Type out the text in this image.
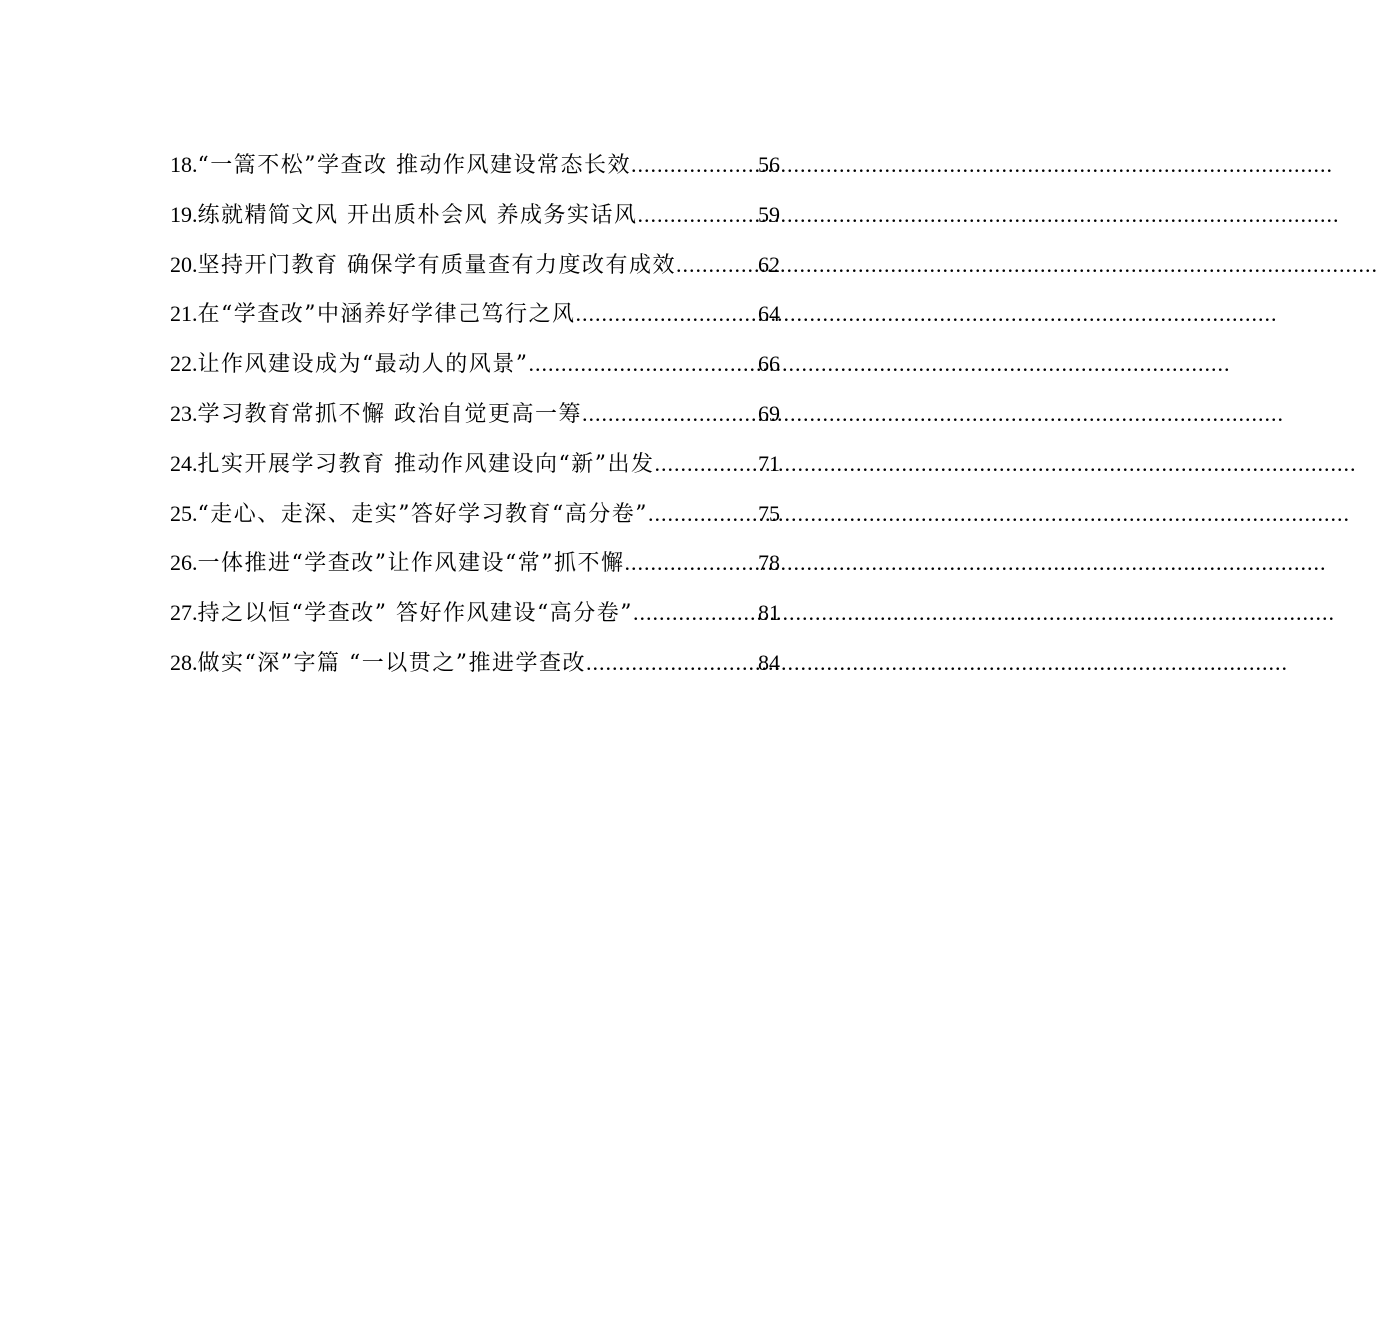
18. “一篙不松”学查改 推动作风建设常态长效 .....	56
19. 练就精简文风 开出质朴会风 养成务实话风 .....	59
20. 坚持开门教育 确保学有质量查有力度改有成效 .....	62
21. 在“学查改”中涵养好学律己笃行之风 .....	64
22. 让作风建设成为“最动人的风景” .....	66
23. 学习教育常抓不懈 政治自觉更高一筹 .....	69
24. 扎实开展学习教育 推动作风建设向“新”出发 .....	71
25. “走心、走深、走实”答好学习教育“高分卷” .....	75
26. 一体推进“学查改”让作风建设“常”抓不懈 .....	78
27. 持之以恒“学查改” 答好作风建设“高分卷” .....	81
28. 做实“深”字篇 “一以贯之”推进学查改 .....	84
